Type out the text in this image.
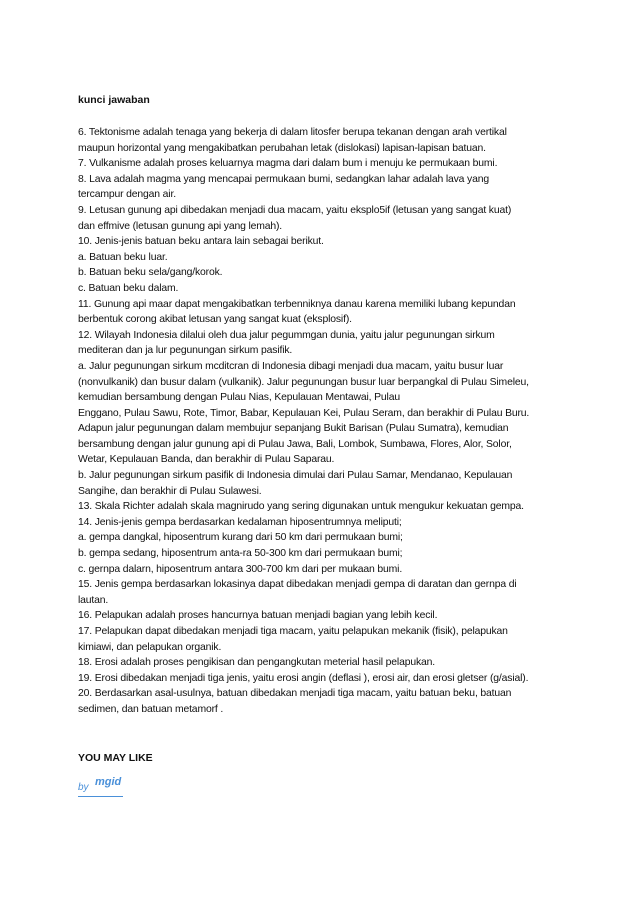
kunci jawaban

6. Tektonisme adalah tenaga yang bekerja di dalam litosfer berupa tekanan dengan arah vertikal
maupun horizontal yang mengakibatkan perubahan letak (dislokasi) lapisan-lapisan batuan.
7. Vulkanisme adalah proses keluarnya magma dari dalam bum i menuju ke permukaan bumi.
8. Lava adalah magma yang mencapai permukaan bumi, sedangkan lahar adalah lava yang
tercampur dengan air.
9. Letusan gunung api dibedakan menjadi dua macam, yaitu eksplo5if (letusan yang sangat kuat)
dan effmive (letusan gunung api yang lemah).
10. Jenis-jenis batuan beku antara lain sebagai berikut.
a. Batuan beku luar.
b. Batuan beku sela/gang/korok.
c. Batuan beku dalam.
11. Gunung api maar dapat mengakibatkan terbenniknya danau karena memiliki lubang kepundan
berbentuk corong akibat letusan yang sangat kuat (eksplosif).
12. Wilayah Indonesia dilalui oleh dua jalur pegummgan dunia, yaitu jalur pegunungan sirkum
mediteran dan ja lur pegunungan sirkum pasifik.
a. Jalur pegunungan sirkum mcditcran di Indonesia dibagi menjadi dua macam, yaitu busur luar
(nonvulkanik) dan busur dalam (vulkanik). Jalur pegunungan busur luar berpangkal di Pulau Simeleu,
kemudian bersambung dengan Pulau Nias, Kepulauan Mentawai, Pulau
Enggano, Pulau Sawu, Rote, Timor, Babar, Kepulauan Kei, Pulau Seram, dan berakhir di Pulau Buru.
Adapun jalur pegunungan dalam membujur sepanjang Bukit Barisan (Pulau Sumatra), kemudian
bersambung dengan jalur gunung api di Pulau Jawa, Bali, Lombok, Sumbawa, Flores, Alor, Solor,
Wetar, Kepulauan Banda, dan berakhir di Pulau Saparau.
b. Jalur pegunungan sirkum pasifik di Indonesia dimulai dari Pulau Samar, Mendanao, Kepulauan
Sangihe, dan berakhir di Pulau Sulawesi.
13. Skala Richter adalah skala magnirudo yang sering digunakan untuk mengukur kekuatan gempa.
14. Jenis-jenis gempa berdasarkan kedalaman hiposentrumnya meliputi;
a. gempa dangkal, hiposentrum kurang dari 50 km dari permukaan bumi;
b. gempa sedang, hiposentrum anta-ra 50-300 km dari permukaan bumi;
c. gernpa dalarn, hiposentrum antara 300-700 km dari per mukaan bumi.
15. Jenis gempa berdasarkan lokasinya dapat dibedakan menjadi gempa di daratan dan gernpa di
lautan.
16. Pelapukan adalah proses hancurnya batuan menjadi bagian yang lebih kecil.
17. Pelapukan dapat dibedakan menjadi tiga macam, yaitu pelapukan mekanik (fisik), pelapukan
kimiawi, dan pelapukan organik.
18. Erosi adalah proses pengikisan dan pengangkutan meterial hasil pelapukan.
19. Erosi dibedakan menjadi tiga jenis, yaitu erosi angin (deflasi ), erosi air, dan erosi gletser (g/asial).
20. Berdasarkan asal-usulnya, batuan dibedakan menjadi tiga macam, yaitu batuan beku, batuan
sedimen, dan batuan metamorf .
YOU MAY LIKE
by mgid
